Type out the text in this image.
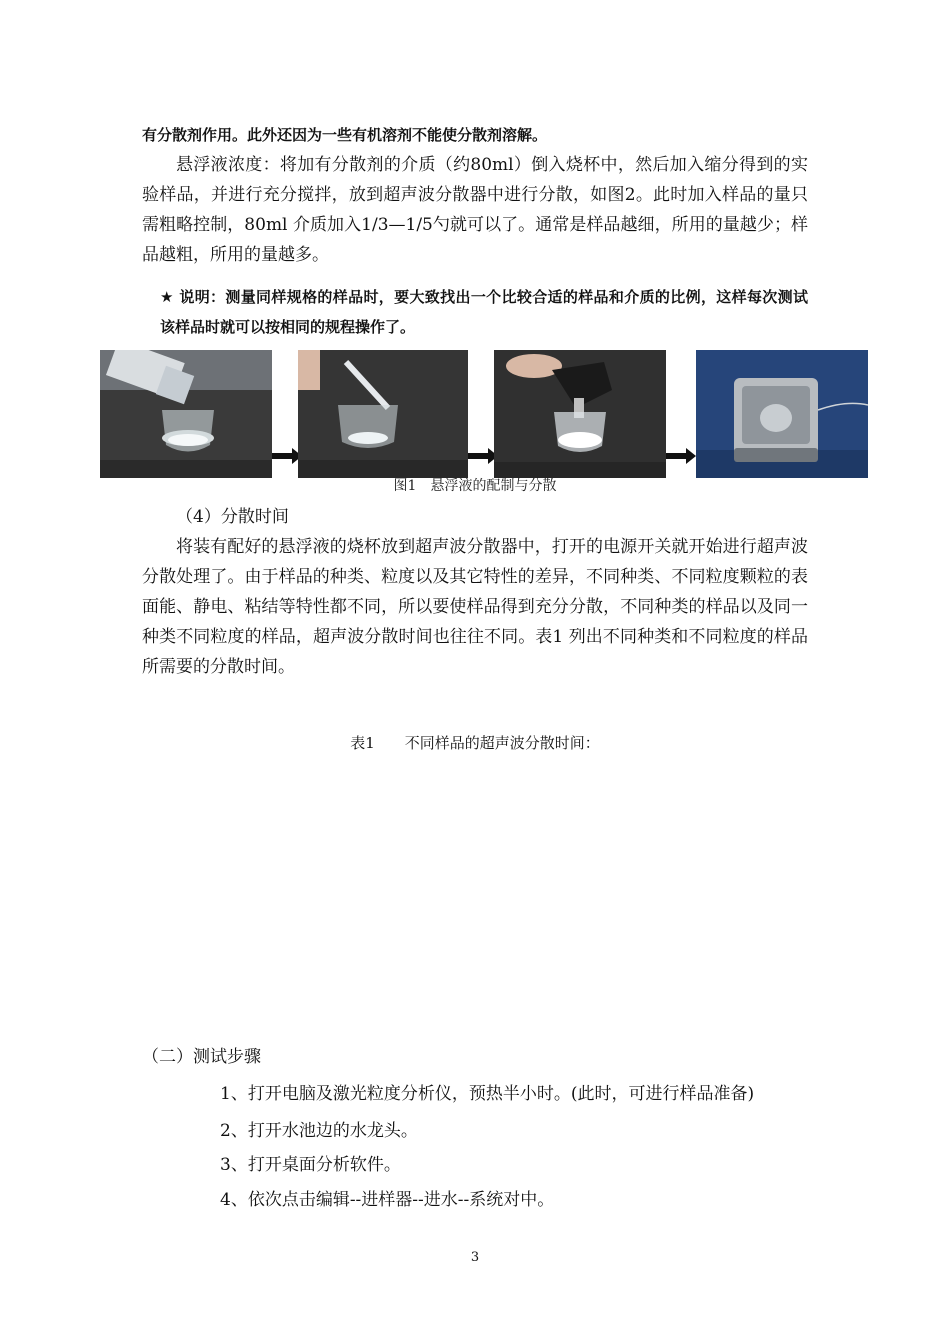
有分散剂作用。此外还因为一些有机溶剂不能使分散剂溶解。

悬浮液浓度：将加有分散剂的介质（约80ml）倒入烧杯中，然后加入缩分得到的实验样品，并进行充分搅拌，放到超声波分散器中进行分散，如图2。此时加入样品的量只需粗略控制，80ml 介质加入1/3—1/5勺就可以了。通常是样品越细，所用的量越少；样品越粗，所用的量越多。

★ 说明：测量同样规格的样品时，要大致找出一个比较合适的样品和介质的比例，这样每次测试该样品时就可以按相同的规程操作了。

图1　悬浮液的配制与分散

（4）分散时间

将装有配好的悬浮液的烧杯放到超声波分散器中，打开的电源开关就开始进行超声波分散处理了。由于样品的种类、粒度以及其它特性的差异，不同种类、不同粒度颗粒的表面能、静电、粘结等特性都不同，所以要使样品得到充分分散，不同种类的样品以及同一种类不同粒度的样品，超声波分散时间也往往不同。表1 列出不同种类和不同粒度的样品所需要的分散时间。

表1　　不同样品的超声波分散时间：

（二）测试步骤

1、打开电脑及激光粒度分析仪，预热半小时。(此时，可进行样品准备)
2、打开水池边的水龙头。
3、打开桌面分析软件。
4、依次点击编辑--进样器--进水--系统对中。
3
